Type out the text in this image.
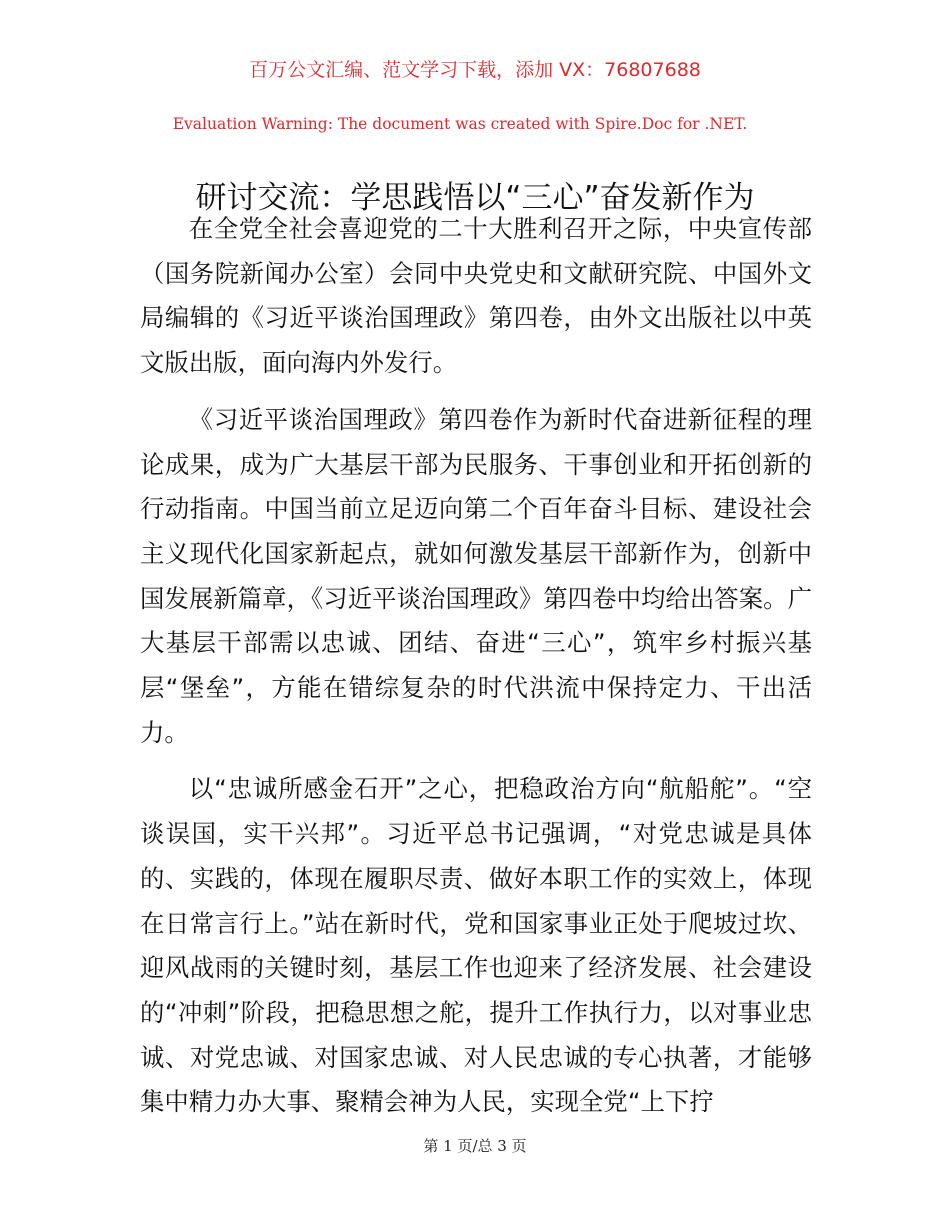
百万公文汇编、范文学习下载，添加 VX：76807688
Evaluation Warning: The document was created with Spire.Doc for .NET.
研讨交流：学思践悟以“三心”奋发新作为

在全党全社会喜迎党的二十大胜利召开之际，中央宣传部（国务院新闻办公室）会同中央党史和文献研究院、中国外文局编辑的《习近平谈治国理政》第四卷，由外文出版社以中英文版出版，面向海内外发行。

《习近平谈治国理政》第四卷作为新时代奋进新征程的理论成果，成为广大基层干部为民服务、干事创业和开拓创新的行动指南。中国当前立足迈向第二个百年奋斗目标、建设社会主义现代化国家新起点，就如何激发基层干部新作为，创新中国发展新篇章，《习近平谈治国理政》第四卷中均给出答案。广大基层干部需以忠诚、团结、奋进“三心”，筑牢乡村振兴基层“堡垒”，方能在错综复杂的时代洪流中保持定力、干出活力。

以“忠诚所感金石开”之心，把稳政治方向“航船舵”。“空谈误国，实干兴邦”。习近平总书记强调，“对党忠诚是具体的、实践的，体现在履职尽责、做好本职工作的实效上，体现在日常言行上。”站在新时代，党和国家事业正处于爬坡过坎、迎风战雨的关键时刻，基层工作也迎来了经济发展、社会建设的“冲刺”阶段，把稳思想之舵，提升工作执行力，以对事业忠诚、对党忠诚、对国家忠诚、对人民忠诚的专心执著，才能够集中精力办大事、聚精会神为人民，实现全党“上下拧

第 1 页/总 3 页
